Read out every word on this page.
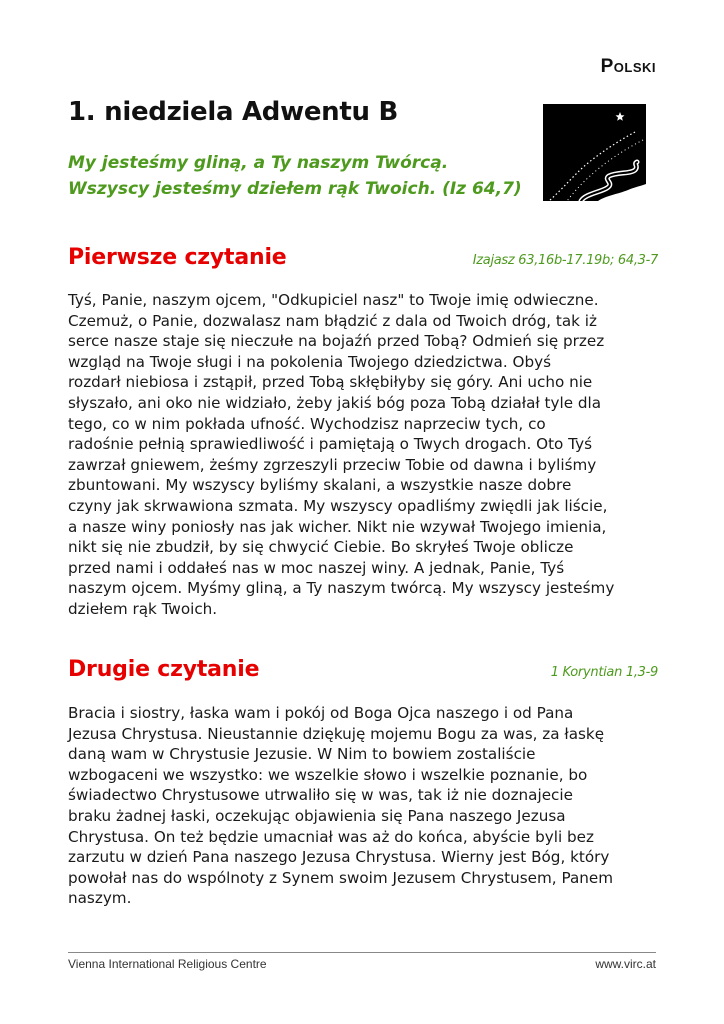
Polski
1. niedziela Adwentu B
My jesteśmy gliną, a Ty naszym Twórcą.
Wszyscy jesteśmy dziełem rąk Twoich. (Iz 64,7)
Pierwsze czytanie	Izajasz 63,16b-17.19b; 64,3-7
Tyś, Panie, naszym ojcem, "Odkupiciel nasz" to Twoje imię odwieczne.
Czemuż, o Panie, dozwalasz nam błądzić z dala od Twoich dróg, tak iż
serce nasze staje się nieczułe na bojaźń przed Tobą? Odmień się przez
wzgląd na Twoje sługi i na pokolenia Twojego dziedzictwa. Obyś
rozdarł niebiosa i zstąpił, przed Tobą skłębiłyby się góry. Ani ucho nie
słyszało, ani oko nie widziało, żeby jakiś bóg poza Tobą działał tyle dla
tego, co w nim pokłada ufność. Wychodzisz naprzeciw tych, co
radośnie pełnią sprawiedliwość i pamiętają o Twych drogach. Oto Tyś
zawrzał gniewem, żeśmy zgrzeszyli przeciw Tobie od dawna i byliśmy
zbuntowani. My wszyscy byliśmy skalani, a wszystkie nasze dobre
czyny jak skrwawiona szmata. My wszyscy opadliśmy zwiędli jak liście,
a nasze winy poniosły nas jak wicher. Nikt nie wzywał Twojego imienia,
nikt się nie zbudził, by się chwycić Ciebie. Bo skryłeś Twoje oblicze
przed nami i oddałeś nas w moc naszej winy. A jednak, Panie, Tyś
naszym ojcem. Myśmy gliną, a Ty naszym twórcą. My wszyscy jesteśmy
dziełem rąk Twoich.
Drugie czytanie	1 Koryntian 1,3-9
Bracia i siostry, łaska wam i pokój od Boga Ojca naszego i od Pana
Jezusa Chrystusa. Nieustannie dziękuję mojemu Bogu za was, za łaskę
daną wam w Chrystusie Jezusie. W Nim to bowiem zostaliście
wzbogaceni we wszystko: we wszelkie słowo i wszelkie poznanie, bo
świadectwo Chrystusowe utrwaliło się w was, tak iż nie doznajecie
braku żadnej łaski, oczekując objawienia się Pana naszego Jezusa
Chrystusa. On też będzie umacniał was aż do końca, abyście byli bez
zarzutu w dzień Pana naszego Jezusa Chrystusa. Wierny jest Bóg, który
powołał nas do wspólnoty z Synem swoim Jezusem Chrystusem, Panem
naszym.
Vienna International Religious Centre	www.virc.at
